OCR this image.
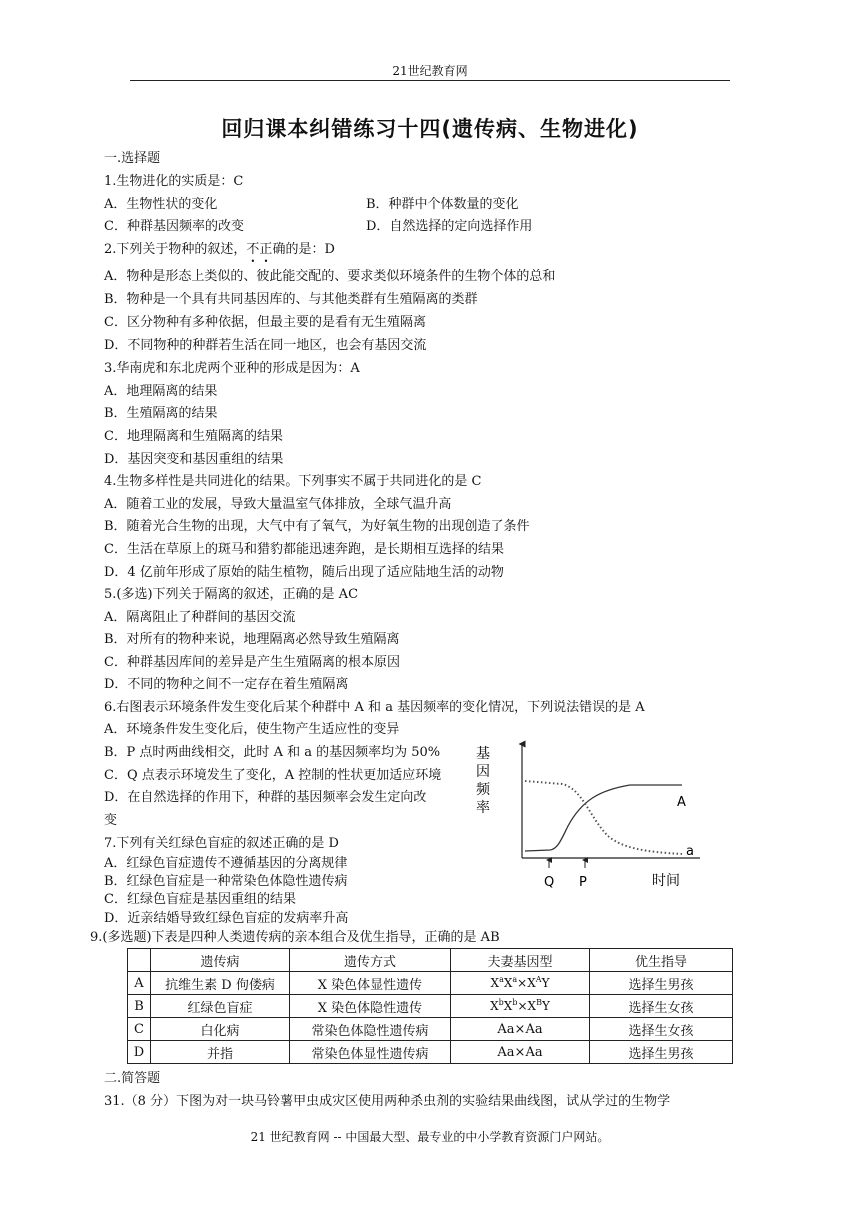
21世纪教育网
回归课本纠错练习十四(遗传病、生物进化)
一.选择题
1.生物进化的实质是：C
A．生物性状的变化	B．种群中个体数量的变化
C．种群基因频率的改变	D．自然选择的定向选择作用
2.下列关于物种的叙述，不正确的是：D
A．物种是形态上类似的、彼此能交配的、要求类似环境条件的生物个体的总和
B．物种是一个具有共同基因库的、与其他类群有生殖隔离的类群
C．区分物种有多种依据，但最主要的是看有无生殖隔离
D．不同物种的种群若生活在同一地区，也会有基因交流
3.华南虎和东北虎两个亚种的形成是因为：A
A．地理隔离的结果
B．生殖隔离的结果
C．地理隔离和生殖隔离的结果
D．基因突变和基因重组的结果
4.生物多样性是共同进化的结果。下列事实不属于共同进化的是 C
A．随着工业的发展，导致大量温室气体排放，全球气温升高
B．随着光合生物的出现，大气中有了氧气，为好氧生物的出现创造了条件
C．生活在草原上的斑马和猎豹都能迅速奔跑，是长期相互选择的结果
D．4 亿前年形成了原始的陆生植物，随后出现了适应陆地生活的动物
5.(多选)下列关于隔离的叙述，正确的是 AC
A．隔离阻止了种群间的基因交流
B．对所有的物种来说，地理隔离必然导致生殖隔离
C．种群基因库间的差异是产生生殖隔离的根本原因
D．不同的物种之间不一定存在着生殖隔离
6.右图表示环境条件发生变化后某个种群中 A 和 a 基因频率的变化情况，下列说法错误的是 A
A．环境条件发生变化后，使生物产生适应性的变异
B．P 点时两曲线相交，此时 A 和 a 的基因频率均为 50%
C．Q 点表示环境发生了变化，A 控制的性状更加适应环境
D．在自然选择的作用下，种群的基因频率会发生定向改
变
7.下列有关红绿色盲症的叙述正确的是 D
A．红绿色盲症遗传不遵循基因的分离规律
B．红绿色盲症是一种常染色体隐性遗传病
C．红绿色盲症是基因重组的结果
D．近亲结婚导致红绿色盲症的发病率升高
9.(多选题)下表是四种人类遗传病的亲本组合及优生指导，正确的是 AB
基
因
频
率	A
a
Q P	时间
	遗传病	遗传方式	夫妻基因型	优生指导
A	抗维生素 D 佝偻病	X 染色体显性遗传	$X^aX^a\times X^AY$	选择生男孩
B	红绿色盲症	X 染色体隐性遗传	$X^bX^b\times X^BY$	选择生女孩
C	白化病	常染色体隐性遗传病	Aa×Aa	选择生女孩
D	并指	常染色体显性遗传病	Aa×Aa	选择生男孩
二.简答题
31.（8 分）下图为对一块马铃薯甲虫成灾区使用两种杀虫剂的实验结果曲线图，试从学过的生物学
21 世纪教育网 -- 中国最大型、最专业的中小学教育资源门户网站。
